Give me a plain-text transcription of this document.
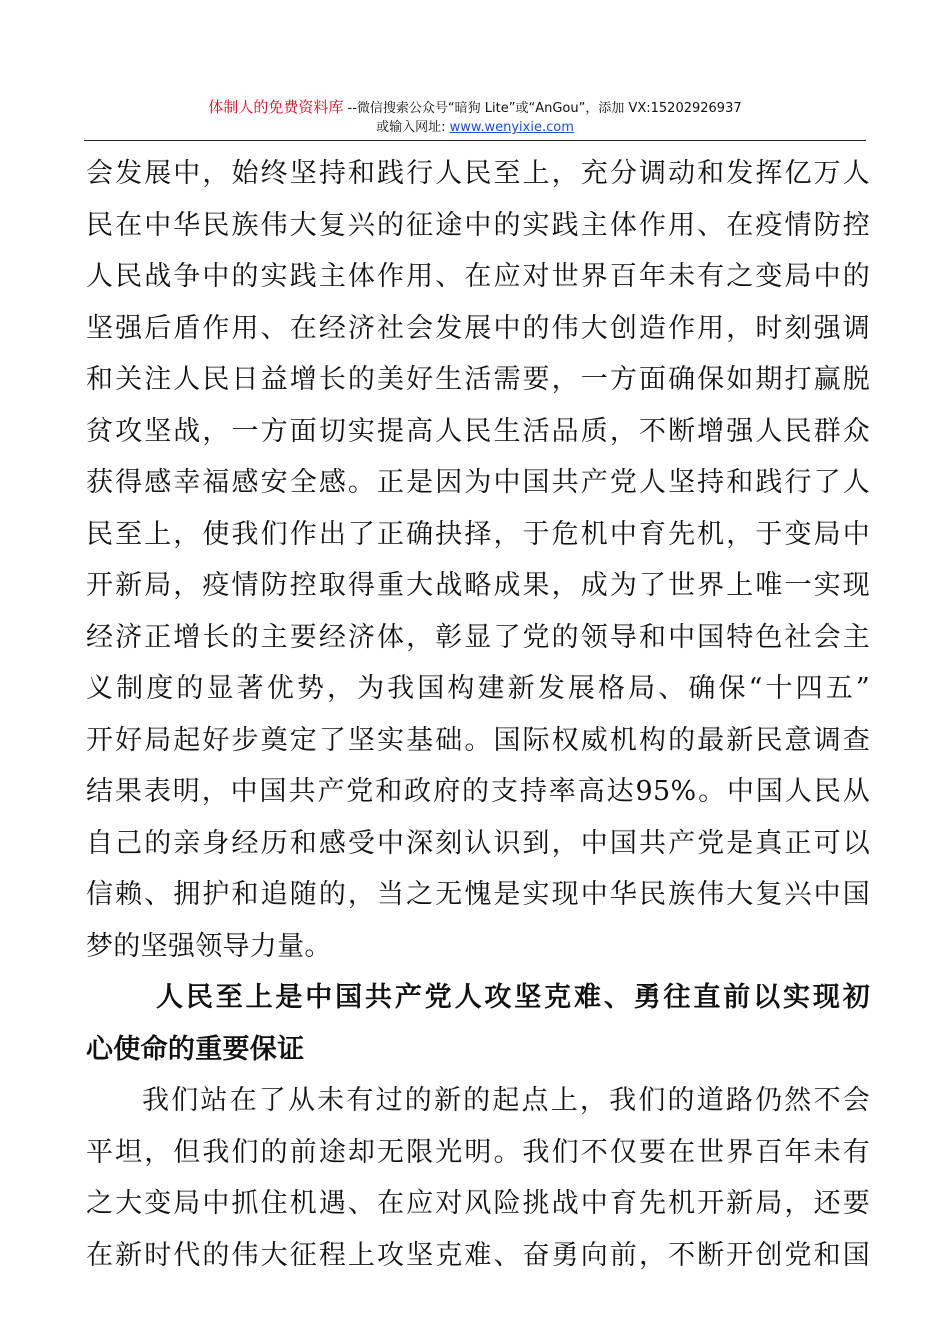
体制人的免费资料库 --微信搜索公众号“暗狗 Lite”或“AnGou”，添加 VX:15202926937
或输入网址: www.wenyixie.com
会发展中，始终坚持和践行人民至上，充分调动和发挥亿万人
民在中华民族伟大复兴的征途中的实践主体作用、在疫情防控
人民战争中的实践主体作用、在应对世界百年未有之变局中的
坚强后盾作用、在经济社会发展中的伟大创造作用，时刻强调
和关注人民日益增长的美好生活需要，一方面确保如期打赢脱
贫攻坚战，一方面切实提高人民生活品质，不断增强人民群众
获得感幸福感安全感。正是因为中国共产党人坚持和践行了人
民至上，使我们作出了正确抉择，于危机中育先机，于变局中
开新局，疫情防控取得重大战略成果，成为了世界上唯一实现
经济正增长的主要经济体，彰显了党的领导和中国特色社会主
义制度的显著优势，为我国构建新发展格局、确保“十四五”
开好局起好步奠定了坚实基础。国际权威机构的最新民意调查
结果表明，中国共产党和政府的支持率高达95%。中国人民从
自己的亲身经历和感受中深刻认识到，中国共产党是真正可以
信赖、拥护和追随的，当之无愧是实现中华民族伟大复兴中国
梦的坚强领导力量。
人民至上是中国共产党人攻坚克难、勇往直前以实现初
心使命的重要保证
我们站在了从未有过的新的起点上，我们的道路仍然不会
平坦，但我们的前途却无限光明。我们不仅要在世界百年未有
之大变局中抓住机遇、在应对风险挑战中育先机开新局，还要
在新时代的伟大征程上攻坚克难、奋勇向前，不断开创党和国
